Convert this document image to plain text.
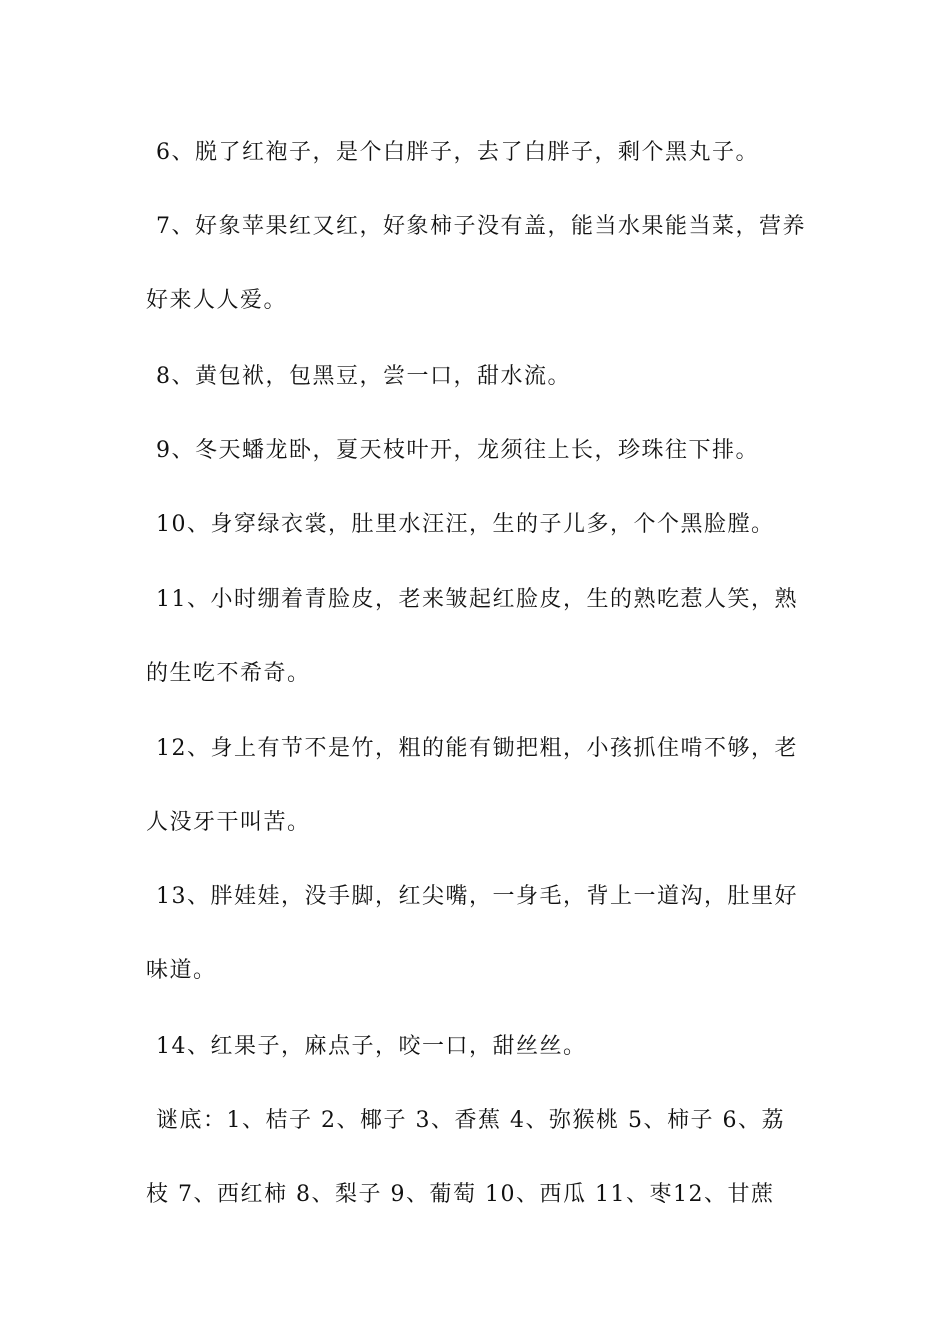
6、脱了红袍子，是个白胖子，去了白胖子，剩个黑丸子。

7、好象苹果红又红，好象柿子没有盖，能当水果能当菜，营养好来人人爱。

8、黄包袱，包黑豆，尝一口，甜水流。

9、冬天蟠龙卧，夏天枝叶开，龙须往上长，珍珠往下排。

10、身穿绿衣裳，肚里水汪汪，生的子儿多，个个黑脸膛。

11、小时绷着青脸皮，老来皱起红脸皮，生的熟吃惹人笑，熟的生吃不希奇。

12、身上有节不是竹，粗的能有锄把粗，小孩抓住啃不够，老人没牙干叫苦。

13、胖娃娃，没手脚，红尖嘴，一身毛，背上一道沟，肚里好味道。

14、红果子，麻点子，咬一口，甜丝丝。

谜底：1、桔子 2、椰子 3、香蕉 4、弥猴桃 5、柿子 6、荔枝 7、西红柿 8、梨子 9、葡萄 10、西瓜 11、枣12、甘蔗
